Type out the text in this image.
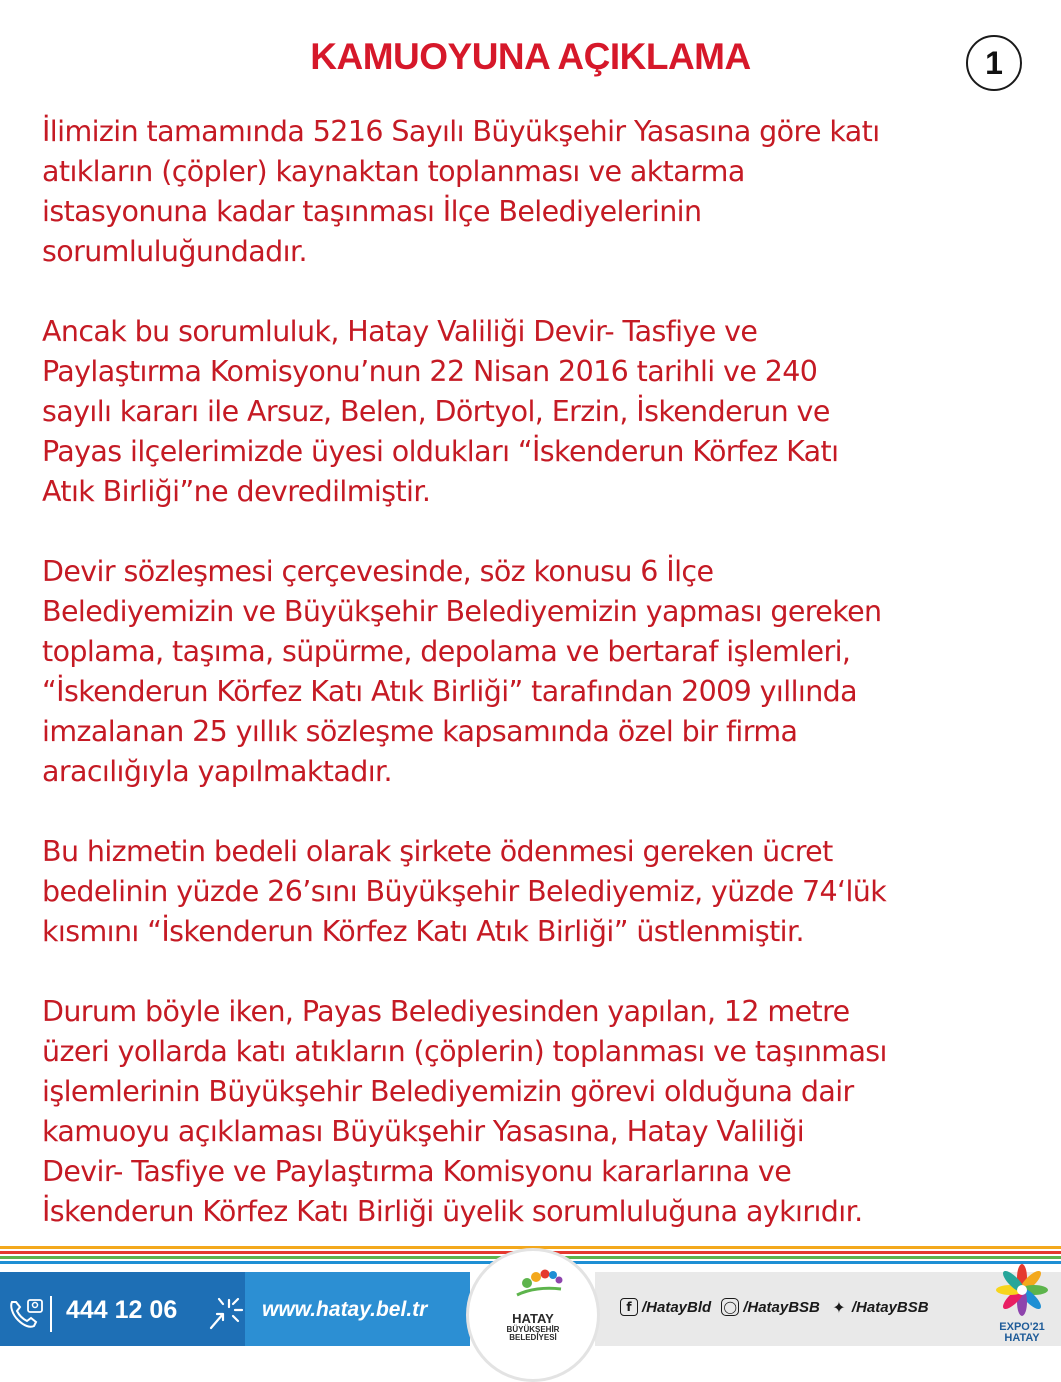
KAMUOYUNA AÇIKLAMA	1

İlimizin tamamında 5216 Sayılı Büyükşehir Yasasına göre katı
atıkların (çöpler) kaynaktan toplanması ve aktarma
istasyonuna kadar taşınması İlçe Belediyelerinin
sorumluluğundadır.

Ancak bu sorumluluk, Hatay Valiliği Devir- Tasfiye ve
Paylaştırma Komisyonu’nun 22 Nisan 2016 tarihli ve 240
sayılı kararı ile Arsuz, Belen, Dörtyol, Erzin, İskenderun ve
Payas ilçelerimizde üyesi oldukları “İskenderun Körfez Katı
Atık Birliği”ne devredilmiştir.

Devir sözleşmesi çerçevesinde, söz konusu 6 İlçe
Belediyemizin ve Büyükşehir Belediyemizin yapması gereken
toplama, taşıma, süpürme, depolama ve bertaraf işlemleri,
“İskenderun Körfez Katı Atık Birliği” tarafından 2009 yıllında
imzalanan 25 yıllık sözleşme kapsamında özel bir firma
aracılığıyla yapılmaktadır.

Bu hizmetin bedeli olarak şirkete ödenmesi gereken ücret
bedelinin yüzde 26’sını Büyükşehir Belediyemiz, yüzde 74‘lük
kısmını “İskenderun Körfez Katı Atık Birliği” üstlenmiştir.

Durum böyle iken, Payas Belediyesinden yapılan, 12 metre
üzeri yollarda katı atıkların (çöplerin) toplanması ve taşınması
işlemlerinin Büyükşehir Belediyemizin görevi olduğuna dair
kamuoyu açıklaması Büyükşehir Yasasına, Hatay Valiliği
Devir- Tasfiye ve Paylaştırma Komisyonu kararlarına ve
İskenderun Körfez Katı Birliği üyelik sorumluluğuna aykırıdır.

444 12 06	www.hatay.bel.tr	HATAY
BÜYÜKŞEHİR
BELEDİYESİ
f /HatayBld ◯ /HatayBSB ✦ /HatayBSB
EXPO'21
HATAY
